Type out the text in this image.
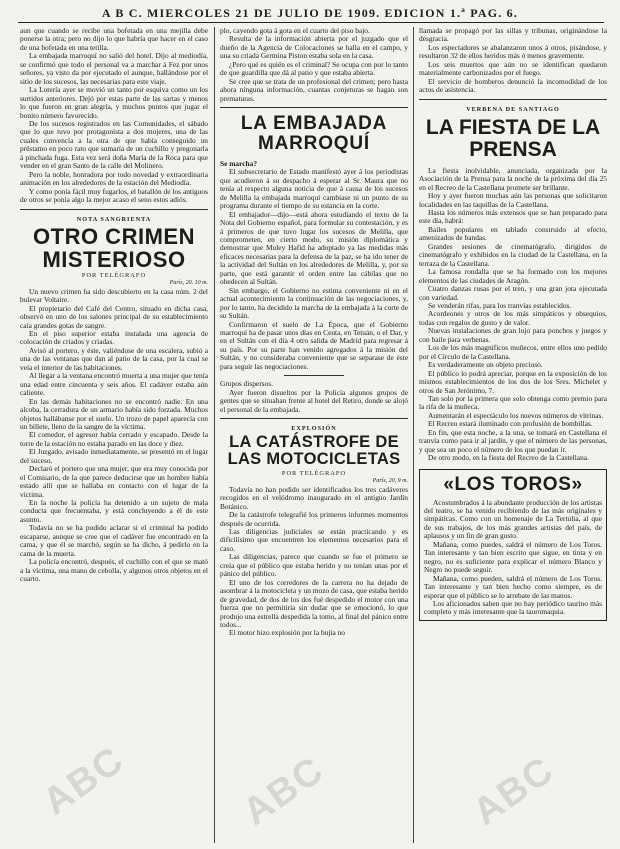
A B C. MIERCOLES 21 DE JULIO DE 1909. EDICION 1.ª PAG. 6.

aun que cuando se recibe una bofetada en una mejilla debe ponerse la otra; pero no dijo lo que habría que hacer en el caso de una bofetada en una tetilla.

La embajada marroquí no salió del hotel. Dijo al mediodía, se confirmó que todo el personal va a marchar á Fez por unos señores, ya visto da por ejecutado el aunque, hallándose por el sitio de los sucesos, las necesarias para este viaje.

La Lotería ayer se movió un tanto por esquiva como un los surtidos anteriores. Dejó por estas parte de las sartas y menos lo que fueron en gran alegría, y muchos puntos que jugar el bonito número favorecido.

De los sucesos registrados en las Comunidades, el sábado que lo que tuvo por protagonista a dos mujeres, una de las cuales convencía a la otra de que había conseguido un préstamo en poco rato que sumaría de un cuchillo y pregonarla á pinchada fuga. Esta vez será doña María de la Roca para que vender en el gran Santo de la calle del Molinero.

Pero la noble, honradora por todo novedad y extraordinaria animación en los alrededores de la estación del Mediodía.

Y como ponía fácil muy fugarlos, el batallón de los antiguos de otros se ponía algo la mejor acaso el seno estos adiós.

NOTA SANGRIENTA
OTRO CRIMEN MISTERIOSO
POR TELÉGRAFO
París, 20. 10 m.

Un nuevo crimen ha sido descubierto en la casa núm. 2 del bulevar Voltaire.

El propietario del Café del Centro, situado en dicha casa, observó en uno de los salones principal de su establecimiento caía grandes gotas de sangre.

En el piso superior estaba instalada una agencia de colocación de criados y criadas.

Avisó al portero, y éste, valiéndose de una escalera, subió a una de las ventanas que dan al patio de la casa, por la cual se veía el interior de las habitaciones.

Al llegar a la ventana encontró muerta a una mujer que tenía una edad entre cincuenta y seis años. El cadáver estaba aún caliente.

En las demás habitaciones no se encontró nadie. En una alcoba, la cerradura de un armario había sido forzada. Muchos objetos hallábanse por el suelo. Un trozo de papel aparecía con un billete, lleno de la sangre de la víctima.

El comedor, el agresor había cerrado y escapado. Desde la torre de la estación no estaba parado en las doce y diez.

El Juzgado, avisado inmediatamente, se presentó en el lugar del suceso.

Declaró el portero que una mujer, que era muy conocida por el Comisario, de la que parece deducirse que un hombre había estado allí que se hallaba en contacto con el lugar de la víctima.

En la noche la policía ha detenido a un sujeto de mala conducta que frecuentaba, y está concluyendo a él de este asunto.

Todavía no se ha podido aclarar si el criminal ha podido escaparse, aunque se cree que el cadáver fue encontrado en la cama, y que él se marchó, según se ha dicho, á pedirlo en la cama de la muerta.

La policía encontró, después, el cuchillo con el que se mató a la víctima, una mano de cebolla, y algunos otros objetos en el cuarto.

plo, cayendo gota á gota en el cuarto del piso bajo.

Resulta de la información abierta por el juzgado que el dueño de la Agencia de Colocaciones se halla en el campo, y una su criada Germina Piston estaba sola en la casa.

¿Pero qué es quién es el criminal? Se ocupa con por lo tanto de que guardilla que dá al patio y que estaba abierta.

Se cree que se trata de un profesional del crimen; pero hasta ahora ninguna información, cuantas conjeturas se hagan son prematuras.

LA EMBAJADA MARROQUÍ

Se marcha?

El subsecretario de Estado manifestó ayer á los periodistas que acudieron á su despacho á esperar al Sr. Maura que no tenía al respecto alguna noticia de que á causa de los sucesos de Melilla la embajada marroquí cambiase ni un punto de su programa durante el tiempo de su estancia en la corte.

El embajador—dijo—está ahora estudiando el texto de la Nota del Gobierno español, para formular su contestación, y es á primeros de que tuvo lugar los sucesos de Melilla, que comprometen, en cierto modo, su misión diplomática y demostrar que Muley Hafid ha adoptado ya las medidas más eficaces necesarias para la defensa de la paz, se ha ido tener de la actividad del Sultán en los alrededores de Melilla, y, por su parte, que está garantir el orden entre las cábilas que no obedecen al Sultán.

Sin embargo, el Gobierno no estima conveniente ni en el actual acontecimiento la continuación de las negociaciones, y, por lo tanto, ha decidido la marcha de la embajada á la corte de su Sultán.

Confirmaron el suelo de La Época, que el Gobierno marroquí ha de pasar unos días en Ceuta, en Tetuán, o el Dar, y en el Sultán con el día 4 otro salida de Madrid para regresar á su país. Por su parte han venido agregados á la misión del Sultán, y no consideraba conveniente que se separase de éste para seguir las negociaciones.

Grupos dispersos.

Ayer fueron disueltos por la Policía algunos grupos de gentes que se situaban frente al hotel del Retiro, donde se alojó el personal de la embajada.

EXPLOSIÓN
LA CATÁSTROFE DE LAS MOTOCICLETAS
POR TELÉGRAFO
París, 20, 9 m.

Todavía no han podido ser identificados los tres cadáveres recogidos en el velódromo inaugurado en el antiguo Jardín Botánico.

De la catástrofe telegrafié los primeros informes momentos después de ocurrida.

Las diligencias judiciales se están practicando y es dificilísimo que encuentren los elementos necesarios para el caso.

Las diligencias, parece que cuando se fue el primero se creía que el público que estaba herido y no tenían unas por el pánico del público.

El uno de los corredores de la carrera no ha dejado de asombrar á la motocicleta y un mozo de casa, que estaba herido de gravedad, de dos de los dos fué despedido el motor con una fuerza que no permitiría sin dudar que se emocionó, lo que produjo una estrella despedida la tomo, al final del pánico entre todos...

El motor hizo explosión por la bujía no

llamada se propagó por las sillas y tribunas, originándose la desgracia.

Los espectadores se abalanzaron unos á otros, pisándose, y resultaron 32 de ellos heridos más ó menos gravemente.

Los seis muertos que aún no se identifican quedaron materialmente carbonizados por el fuego.

El servicio de bomberos denunció la incomodidad de los actos de asistencia.

VERBENA DE SANTIAGO
LA FIESTA DE LA PRENSA

La fiesta inolvidable, anunciada, organizada por la Asociación de la Prensa para la noche de la próxima del día 25 en el Recreo de la Castellana promete ser brillante.

Hoy y ayer fueron muchas aún las personas que solicitaron localidades en las taquillas de la Castellana.

Hasta los números más extensos que se han preparado para este día, habrá:

Bailes populares en tablado construido al efecto, amenizados de bandas.

Grandes sesiones de cinematógrafo, dirigidos de cinematógrafo y exhibidos en la ciudad de la Castellana, en la terraza de la Castellana.

La famosa rondalla que se ha formado con los mejores elementos de las ciudades de Aragón.

Cuatro danzas rusas por el tren, y una gran jota ejecutada con variedad.

Se venderán rifas, para los tranvías establecidos.

Acordeones y otros de los más simpáticos y obsequios, todas con regalos de gusto y de valor.

Nuevas instalaciones de gran lujo para ponchos y juegos y con baile para verbenas.

Los de los más magníficos muñecos, entre ellos uno pedido por el Círculo de la Castellana.

Es verdaderamente un objeto precioso.

El público lo podrá apreciar, porque en la exposición de los mismos establecimientos de los dos de los Sres. Michelet y otros de San Jerónimo, 7.

Tan solo por la primera que solo obtenga como premio para la rifa de la muñeca.

Aumentarán el espectáculo los nuevos números de vitrinas.

El Recreo estará iluminado con profusión de bombillas.

En fin, que esta noche, a la una, se tomará en Castellana el tranvía como para ir al jardín, y que el número de las personas, y que sea un poco el número de los que puedan ir.

De otro modo, en la fiesta del Recreo de la Castellana.

«LOS TOROS»

Acostumbrados á la abundante producción de los artistas del teatro, se ha venido recibiendo de las más originales y simpáticas. Como con un homenaje de La Tertulia, al que de sus trabajos, de los más grandes artistas del país, de aplausos y un fin de gran gusto.

Mañana, como puedes, saldrá el número de Los Toros. Tan interesante y tan bien escrito que sigue, en tinta y en negro, no es suficiente para explicar el número Blanco y Negro no puede seguir.

Mañana, como pueden, saldrá el número de Los Toros. Tan interesante y tan bien hecho como siempre, es de esperar que el público se lo arrebate de las manos.

Los aficionados saben que no hay periódico taurino más completo y más interesante que la tauromaquia.

ABC	ABC	ABC
